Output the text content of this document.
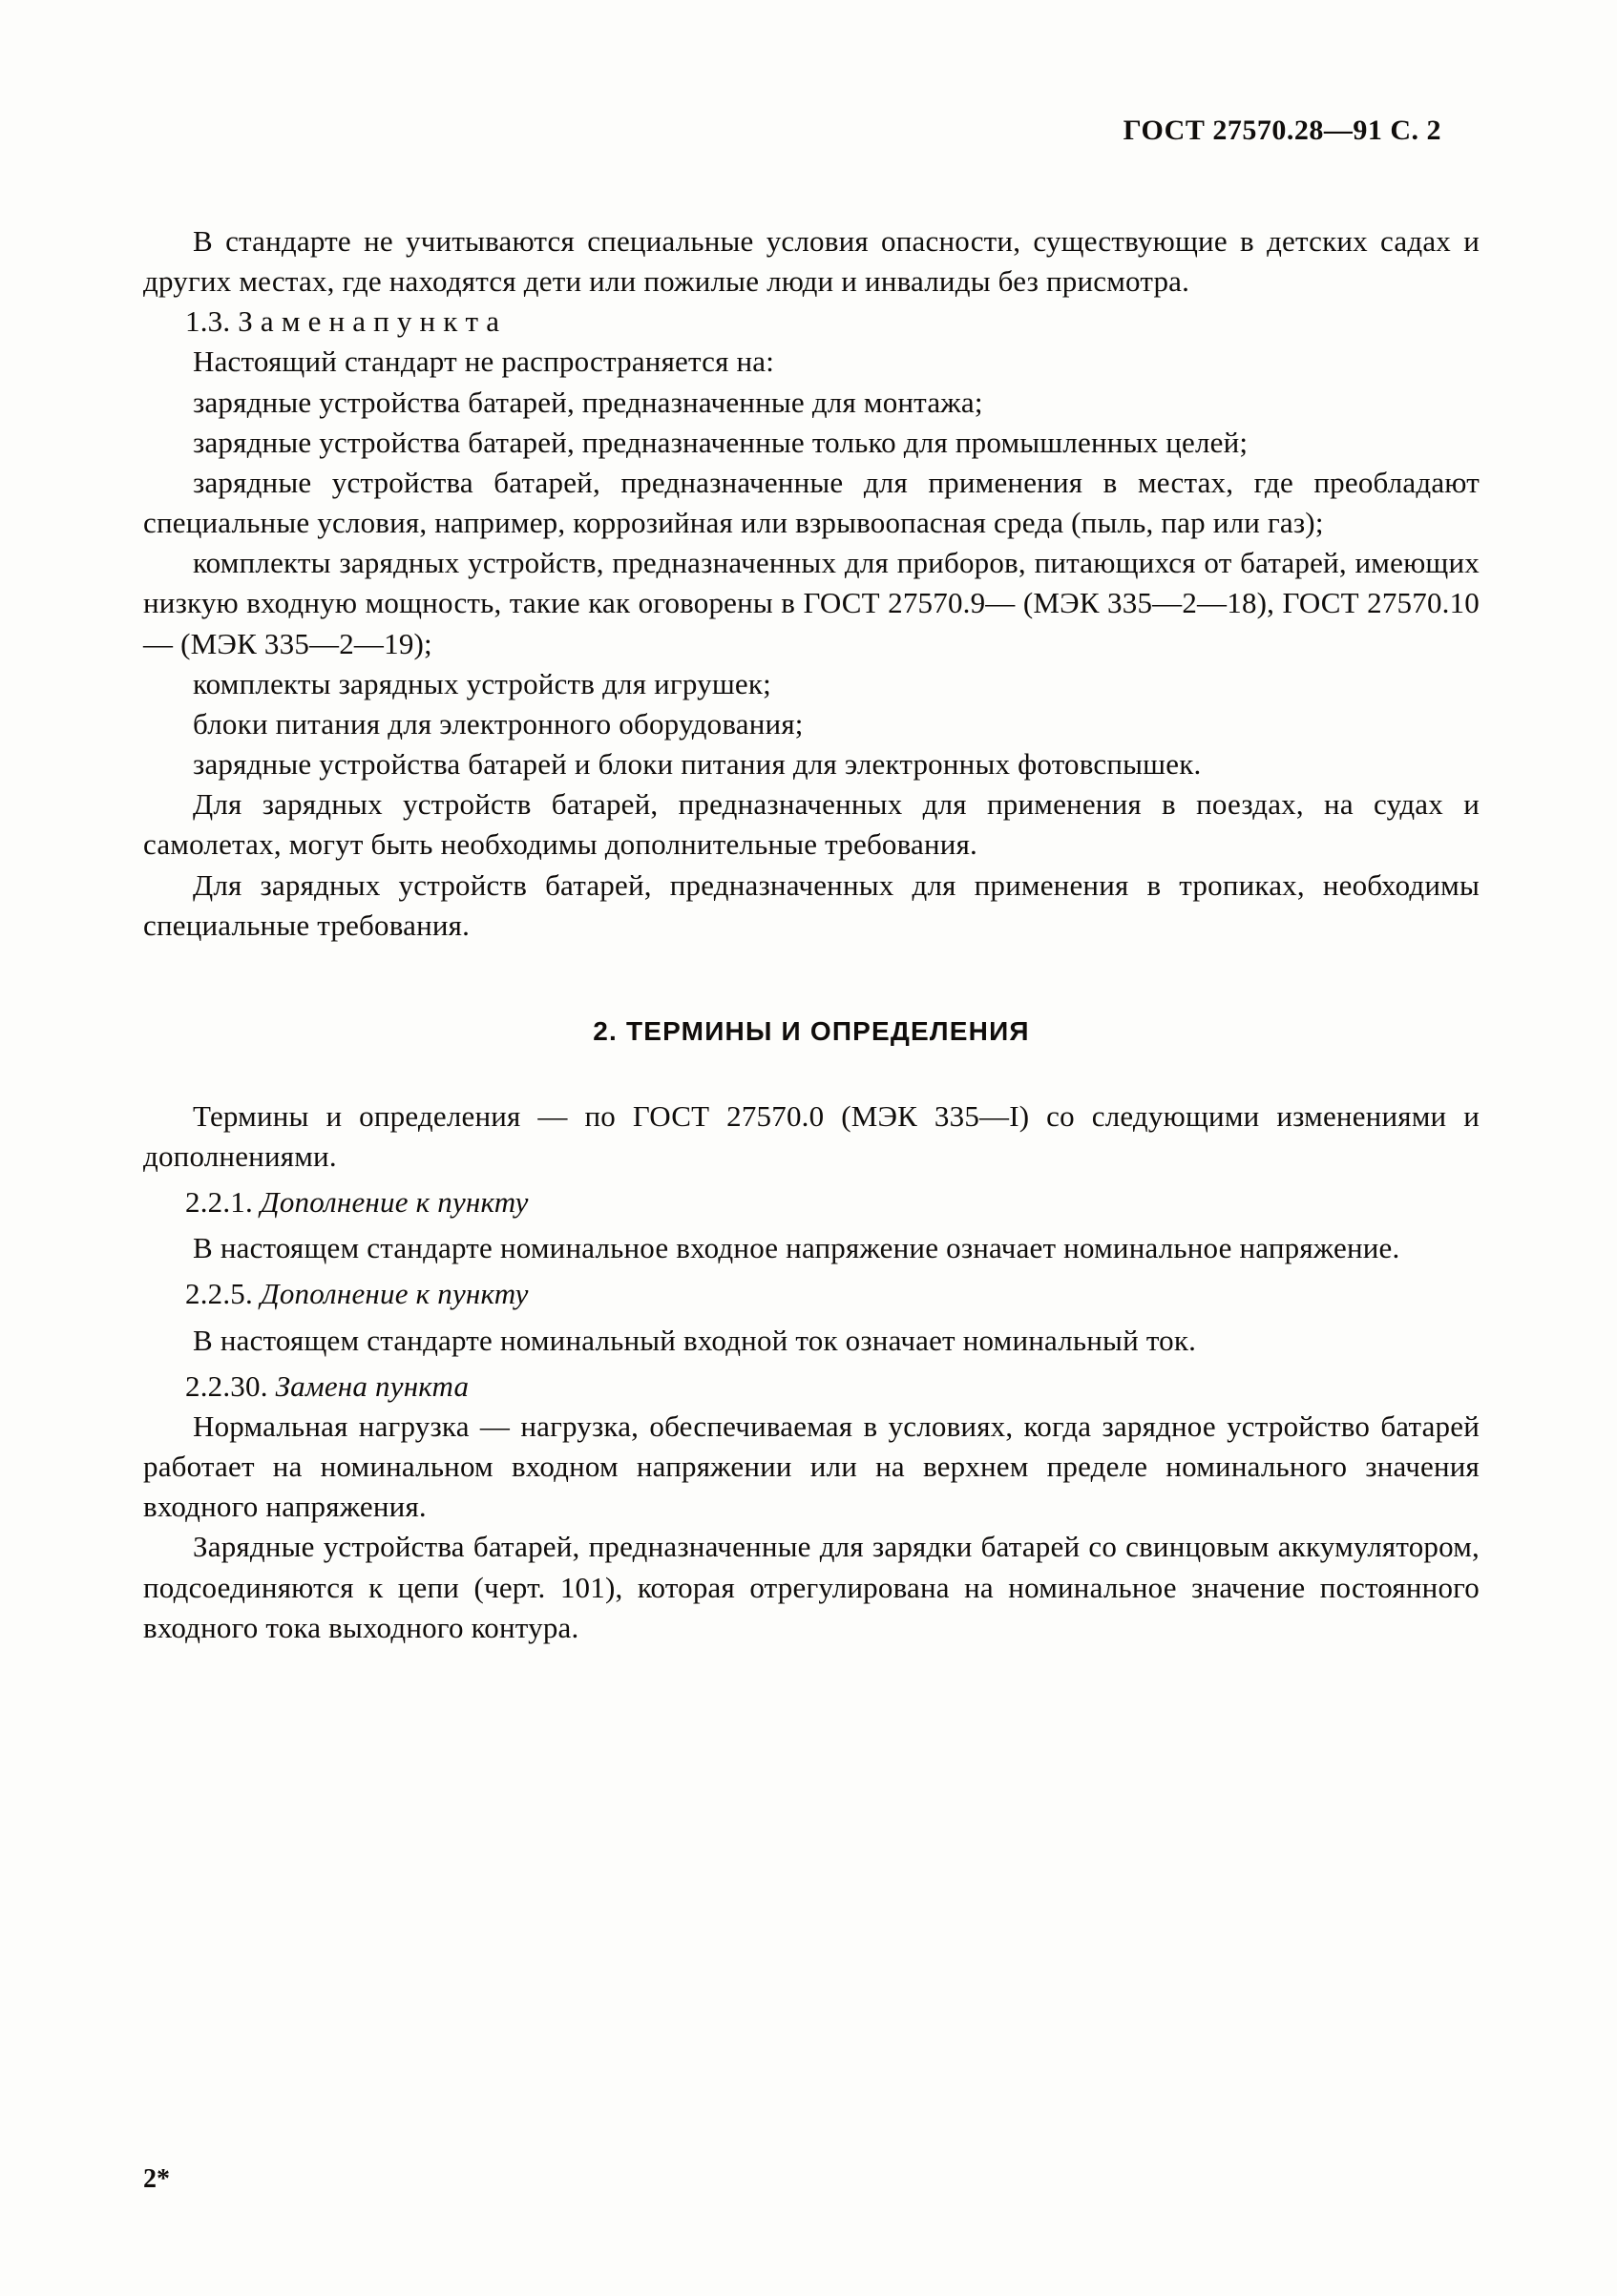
ГОСТ 27570.28—91 С. 2

В стандарте не учитываются специальные условия опасности, существующие в детских садах и других местах, где находятся дети или пожилые люди и инвалиды без присмотра.

1.3. З а м е н а п у н к т а

Настоящий стандарт не распространяется на:

зарядные устройства батарей, предназначенные для монтажа;

зарядные устройства батарей, предназначенные только для промышленных целей;

зарядные устройства батарей, предназначенные для применения в местах, где преобладают специальные условия, например, коррозийная или взрывоопасная среда (пыль, пар или газ);

комплекты зарядных устройств, предназначенных для приборов, питающихся от батарей, имеющих низкую входную мощность, такие как оговорены в ГОСТ 27570.9— (МЭК 335—2—18), ГОСТ 27570.10— (МЭК 335—2—19);

комплекты зарядных устройств для игрушек;

блоки питания для электронного оборудования;

зарядные устройства батарей и блоки питания для электронных фотовспышек.

Для зарядных устройств батарей, предназначенных для применения в поездах, на судах и самолетах, могут быть необходимы дополнительные требования.

Для зарядных устройств батарей, предназначенных для применения в тропиках, необходимы специальные требования.

2. ТЕРМИНЫ И ОПРЕДЕЛЕНИЯ

Термины и определения — по ГОСТ 27570.0 (МЭК 335—I) со следующими изменениями и дополнениями.

2.2.1. Дополнение к пункту

В настоящем стандарте номинальное входное напряжение означает номинальное напряжение.

2.2.5. Дополнение к пункту

В настоящем стандарте номинальный входной ток означает номинальный ток.

2.2.30. Замена пункта

Нормальная нагрузка — нагрузка, обеспечиваемая в условиях, когда зарядное устройство батарей работает на номинальном входном напряжении или на верхнем пределе номинального значения входного напряжения.

Зарядные устройства батарей, предназначенные для зарядки батарей со свинцовым аккумулятором, подсоединяются к цепи (черт. 101), которая отрегулирована на номинальное значение постоянного входного тока выходного контура.

2*
